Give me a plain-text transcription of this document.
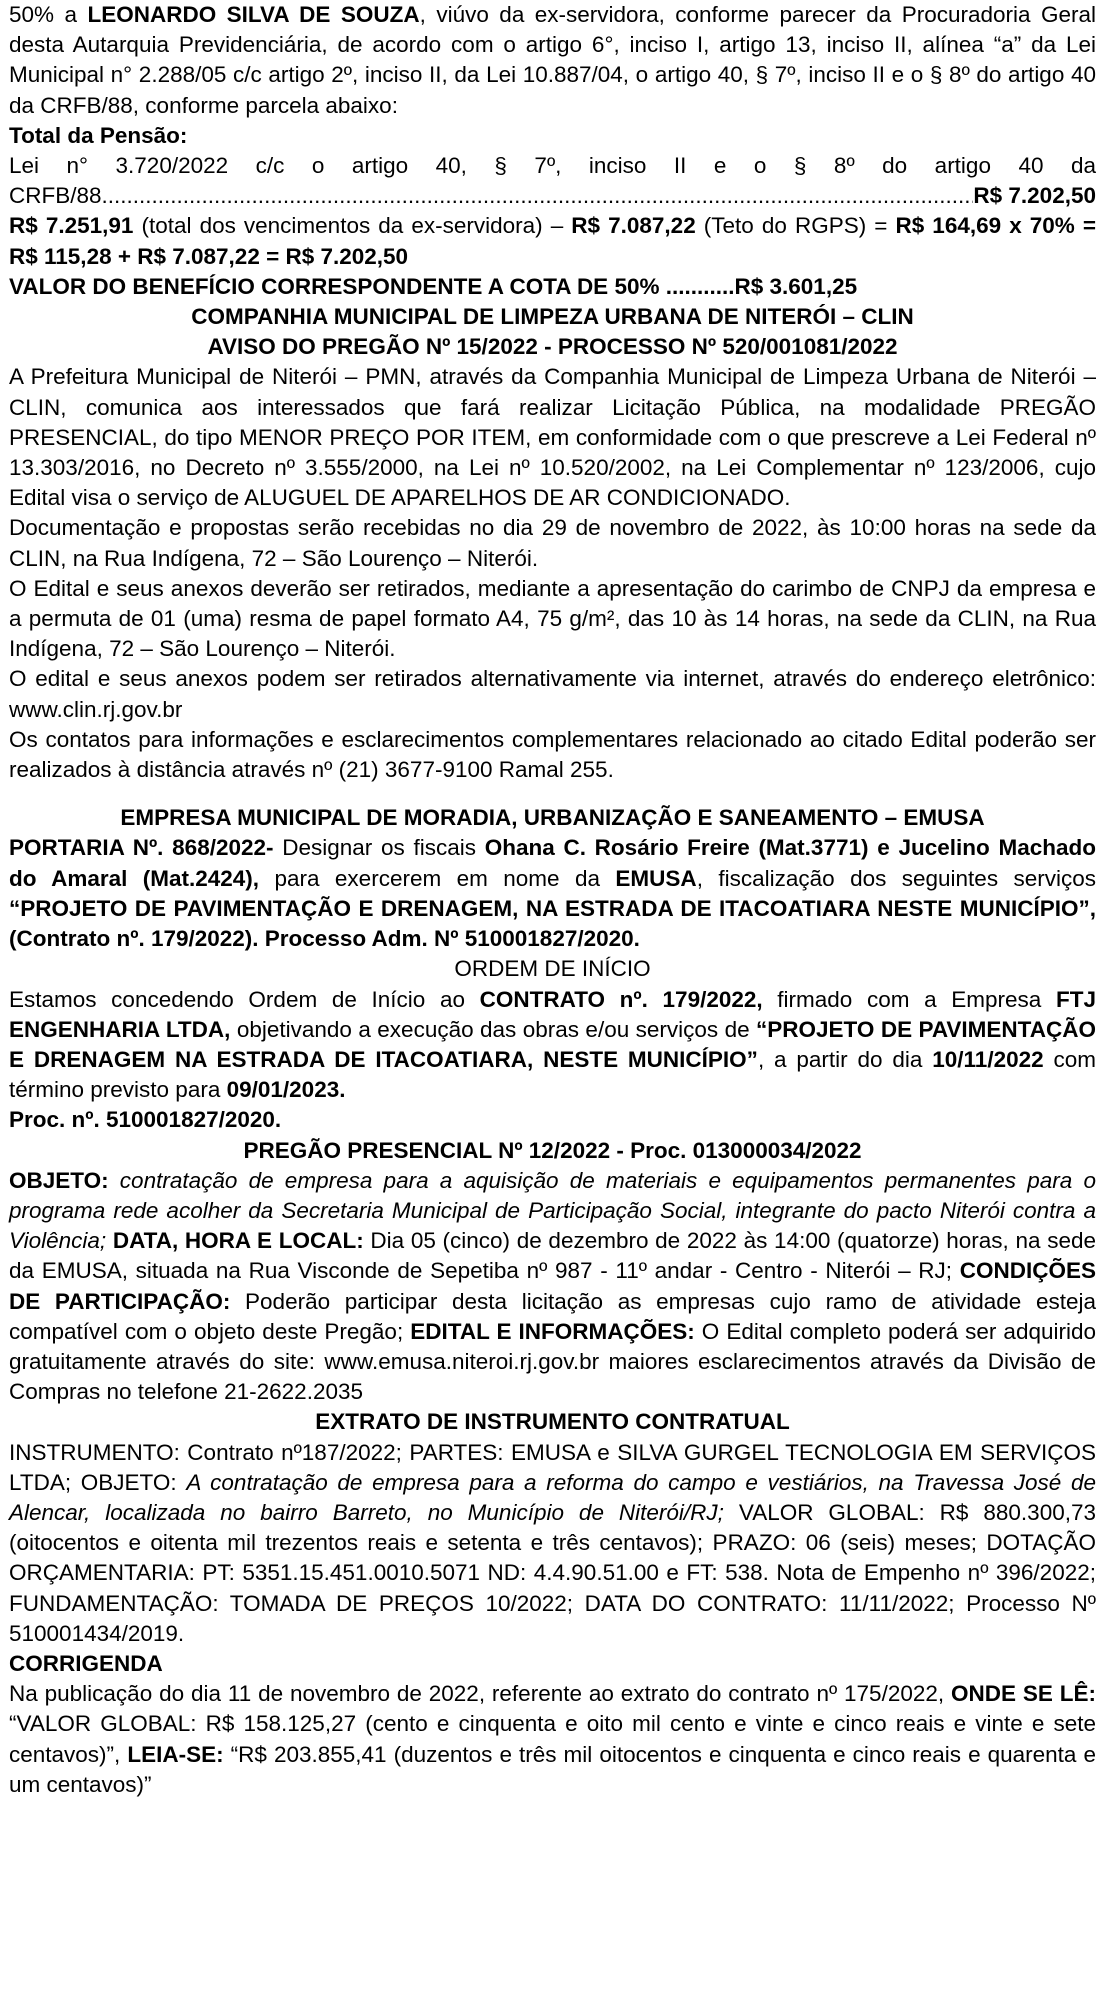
50% a LEONARDO SILVA DE SOUZA, viúvo da ex-servidora, conforme parecer da Procuradoria Geral desta Autarquia Previdenciária, de acordo com o artigo 6°, inciso I, artigo 13, inciso II, alínea “a” da Lei Municipal n° 2.288/05 c/c artigo 2º, inciso II, da Lei 10.887/04, o artigo 40, § 7º, inciso II e o § 8º do artigo 40 da CRFB/88, conforme parcela abaixo:

Total da Pensão:

Lei n° 3.720/2022 c/c o artigo 40, § 7º, inciso II e o § 8º do artigo 40 da

CRFB/88
.....	R$ 7.202,50

R$ 7.251,91 (total dos vencimentos da ex-servidora) – R$ 7.087,22 (Teto do RGPS) = R$ 164,69 x 70% = R$ 115,28 + R$ 7.087,22 = R$ 7.202,50

VALOR DO BENEFÍCIO CORRESPONDENTE A COTA DE 50% ...........R$ 3.601,25

COMPANHIA MUNICIPAL DE LIMPEZA URBANA DE NITERÓI – CLIN

AVISO DO PREGÃO Nº 15/2022 - PROCESSO Nº 520/001081/2022

A Prefeitura Municipal de Niterói – PMN, através da Companhia Municipal de Limpeza Urbana de Niterói – CLIN, comunica aos interessados que fará realizar Licitação Pública, na modalidade PREGÃO PRESENCIAL, do tipo MENOR PREÇO POR ITEM, em conformidade com o que prescreve a Lei Federal nº 13.303/2016, no Decreto nº 3.555/2000, na Lei nº 10.520/2002, na Lei Complementar nº 123/2006, cujo Edital visa o serviço de ALUGUEL DE APARELHOS DE AR CONDICIONADO.

Documentação e propostas serão recebidas no dia 29 de novembro de 2022, às 10:00 horas na sede da CLIN, na Rua Indígena, 72 – São Lourenço – Niterói.

O Edital e seus anexos deverão ser retirados, mediante a apresentação do carimbo de CNPJ da empresa e a permuta de 01 (uma) resma de papel formato A4, 75 g/m², das 10 às 14 horas, na sede da CLIN, na Rua Indígena, 72 – São Lourenço – Niterói.

O edital e seus anexos podem ser retirados alternativamente via internet, através do endereço eletrônico: www.clin.rj.gov.br

Os contatos para informações e esclarecimentos complementares relacionado ao citado Edital poderão ser realizados à distância através nº (21) 3677-9100 Ramal 255.

EMPRESA MUNICIPAL DE MORADIA, URBANIZAÇÃO E SANEAMENTO – EMUSA

PORTARIA Nº. 868/2022- Designar os fiscais Ohana C. Rosário Freire (Mat.3771) e Jucelino Machado do Amaral (Mat.2424), para exercerem em nome da EMUSA, fiscalização dos seguintes serviços “PROJETO DE PAVIMENTAÇÃO E DRENAGEM, NA ESTRADA DE ITACOATIARA NESTE MUNICÍPIO”, (Contrato nº. 179/2022). Processo Adm. Nº 510001827/2020.

ORDEM DE INÍCIO

Estamos concedendo Ordem de Início ao CONTRATO nº. 179/2022, firmado com a Empresa FTJ ENGENHARIA LTDA, objetivando a execução das obras e/ou serviços de “PROJETO DE PAVIMENTAÇÃO E DRENAGEM NA ESTRADA DE ITACOATIARA, NESTE MUNICÍPIO”, a partir do dia 10/11/2022 com término previsto para 09/01/2023.

Proc. nº. 510001827/2020.

PREGÃO PRESENCIAL Nº 12/2022 - Proc. 013000034/2022

OBJETO: contratação de empresa para a aquisição de materiais e equipamentos permanentes para o programa rede acolher da Secretaria Municipal de Participação Social, integrante do pacto Niterói contra a Violência; DATA, HORA E LOCAL: Dia 05 (cinco) de dezembro de 2022 às 14:00 (quatorze) horas, na sede da EMUSA, situada na Rua Visconde de Sepetiba nº 987 - 11º andar - Centro - Niterói – RJ; CONDIÇÕES DE PARTICIPAÇÃO: Poderão participar desta licitação as empresas cujo ramo de atividade esteja compatível com o objeto deste Pregão; EDITAL E INFORMAÇÕES: O Edital completo poderá ser adquirido gratuitamente através do site: www.emusa.niteroi.rj.gov.br maiores esclarecimentos através da Divisão de Compras no telefone 21-2622.2035

EXTRATO DE INSTRUMENTO CONTRATUAL

INSTRUMENTO: Contrato nº187/2022; PARTES: EMUSA e SILVA GURGEL TECNOLOGIA EM SERVIÇOS LTDA; OBJETO: A contratação de empresa para a reforma do campo e vestiários, na Travessa José de Alencar, localizada no bairro Barreto, no Município de Niterói/RJ; VALOR GLOBAL: R$ 880.300,73 (oitocentos e oitenta mil trezentos reais e setenta e três centavos); PRAZO: 06 (seis) meses; DOTAÇÃO ORÇAMENTARIA: PT: 5351.15.451.0010.5071 ND: 4.4.90.51.00 e FT: 538. Nota de Empenho nº 396/2022; FUNDAMENTAÇÃO: TOMADA DE PREÇOS 10/2022; DATA DO CONTRATO: 11/11/2022; Processo Nº 510001434/2019.

CORRIGENDA

Na publicação do dia 11 de novembro de 2022, referente ao extrato do contrato nº 175/2022, ONDE SE LÊ: “VALOR GLOBAL: R$ 158.125,27 (cento e cinquenta e oito mil cento e vinte e cinco reais e vinte e sete centavos)”, LEIA-SE: “R$ 203.855,41 (duzentos e três mil oitocentos e cinquenta e cinco reais e quarenta e um centavos)”
